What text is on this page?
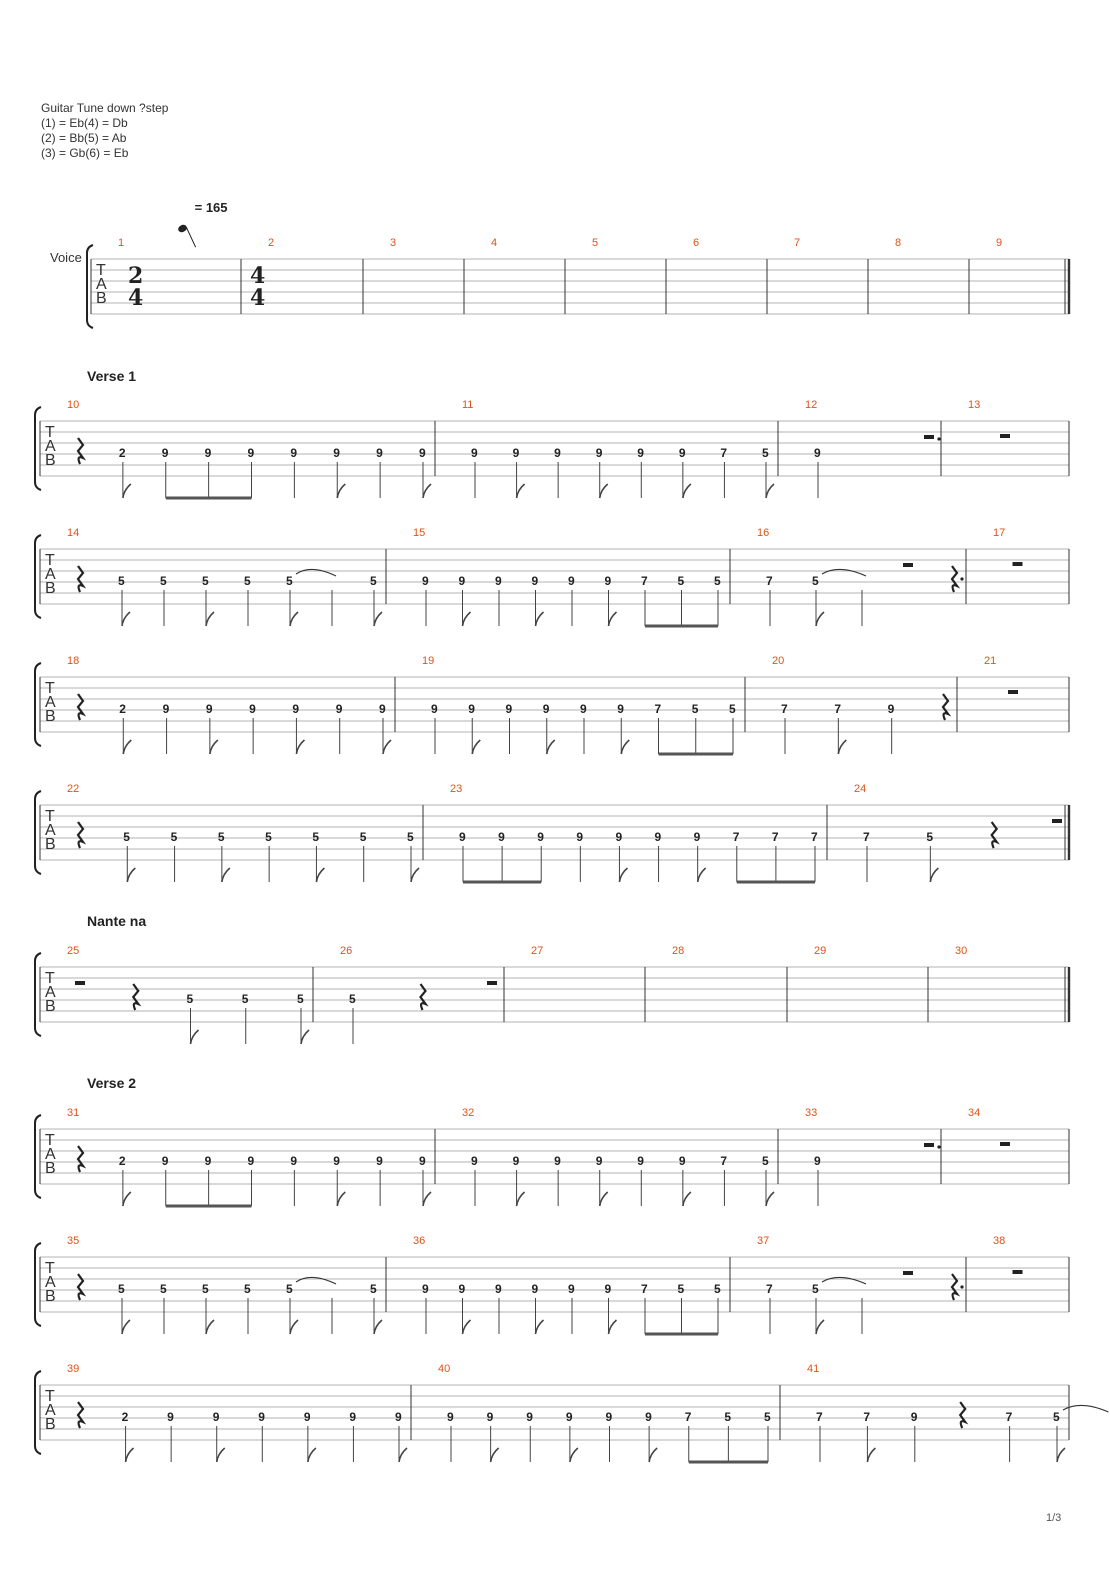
Guitar Tune down ?step
(1) = Eb(4) = Db
(2) = Bb(5) = Ab
(3) = Gb(6) = Eb
= 165
Voice
Verse 1
Nante na
Verse 2
T
A
B
1
2
4
2
4
4
3	4	5	6	7	8	9
T
A
B
10
2	9	9	9	9	9	9	9
11
9	9	9	9	9	9	7	5
12
9
13
T
A
B
14
5	5	5	5	5	5
15
9 9 9 9 9 9 7 5 5
16
7	5
17
T
A
B
18
2	9	9	9	9	9	9
19
9	9	9	9	9	9	7	5	5
20
7	7	9
21
T
A
B
22
5	5	5	5	5	5	5
23
9	9	9	9	9	9	9	7	7	7
24
7	5
T
A
B
25
5	5	5
26
5
27	28	29	30
T
A
B
31
2	9	9	9	9	9	9	9
32
9	9	9	9	9	9	7	5
33
9
34
T
A
B
35
5	5	5	5	5	5
36
9 9 9 9 9 9 7 5 5
37
7	5
38
T
A
B
39
2	9	9	9	9	9	9
40
9	9	9	9	9	9	7	5	5
41
7	7	9	7	5
1/3
